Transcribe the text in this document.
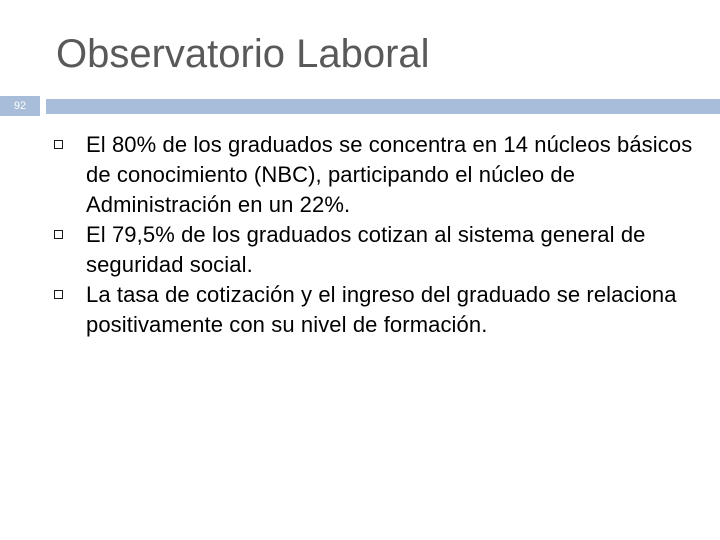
Observatorio Laboral
92
El 80% de los graduados se concentra en 14 núcleos básicos de conocimiento (NBC), participando el núcleo de Administración en un 22%.
El 79,5% de los graduados cotizan al sistema general de seguridad social.
La tasa de cotización y el ingreso del graduado se relaciona positivamente con su nivel de formación.
